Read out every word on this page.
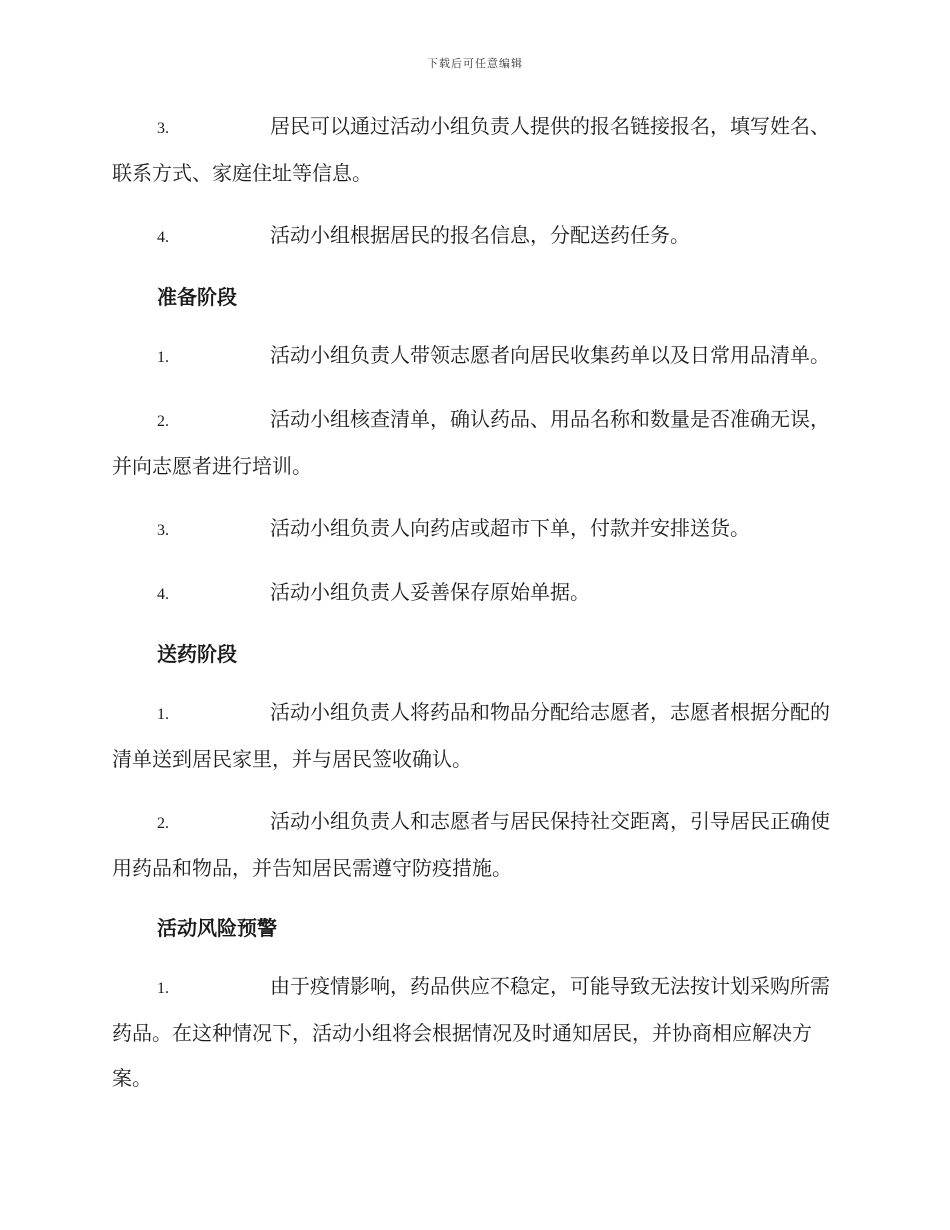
下载后可任意编辑

3.	居民可以通过活动小组负责人提供的报名链接报名，填写姓名、联系方式、家庭住址等信息。

4.	活动小组根据居民的报名信息，分配送药任务。

准备阶段

1.	活动小组负责人带领志愿者向居民收集药单以及日常用品清单。

2.	活动小组核查清单，确认药品、用品名称和数量是否准确无误，并向志愿者进行培训。

3.	活动小组负责人向药店或超市下单，付款并安排送货。

4.	活动小组负责人妥善保存原始单据。

送药阶段

1.	活动小组负责人将药品和物品分配给志愿者，志愿者根据分配的清单送到居民家里，并与居民签收确认。

2.	活动小组负责人和志愿者与居民保持社交距离，引导居民正确使用药品和物品，并告知居民需遵守防疫措施。

活动风险预警

1.	由于疫情影响，药品供应不稳定，可能导致无法按计划采购所需药品。在这种情况下，活动小组将会根据情况及时通知居民，并协商相应解决方案。
